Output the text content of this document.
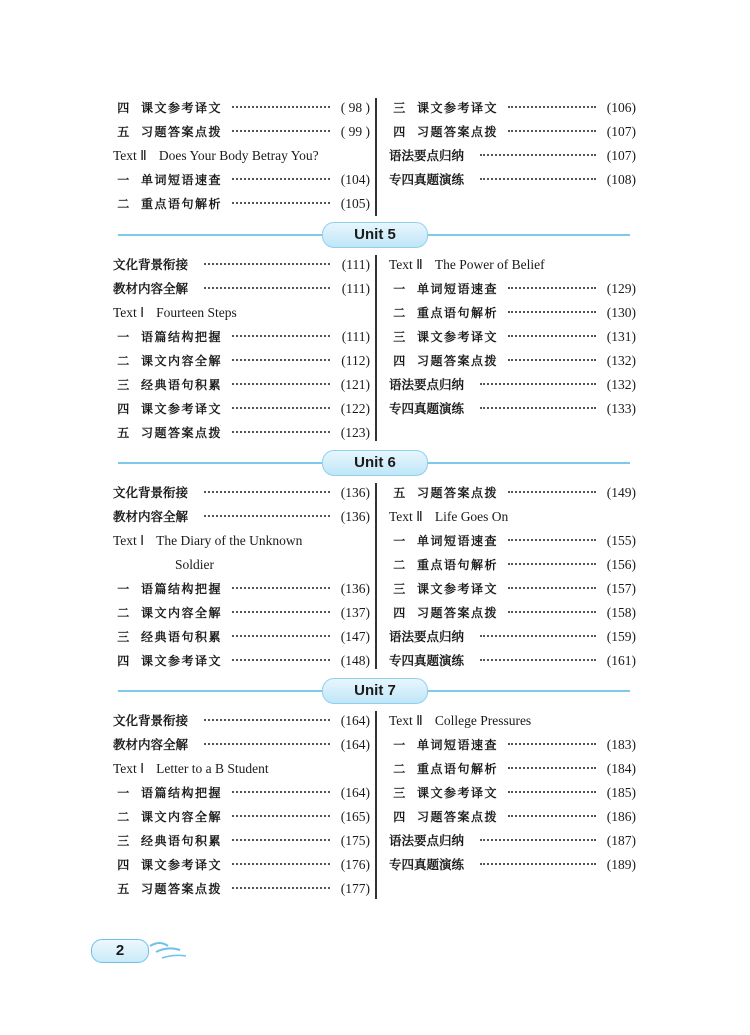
四 课文参考译文	( 98 )
五 习题答案点拨	( 99 )
Text Ⅱ Does Your Body Betray You?
一 单词短语速查	(104)
二 重点语句解析	(105)
三 课文参考译文	(106)
四 习题答案点拨	(107)
语法要点归纳	(107)
专四真题演练	(108)
Unit 5
文化背景衔接	(111)
教材内容全解	(111)
Text Ⅰ Fourteen Steps
一 语篇结构把握	(111)
二 课文内容全解	(112)
三 经典语句积累	(121)
四 课文参考译文	(122)
五 习题答案点拨	(123)
Text Ⅱ The Power of Belief
一 单词短语速查	(129)
二 重点语句解析	(130)
三 课文参考译文	(131)
四 习题答案点拨	(132)
语法要点归纳	(132)
专四真题演练	(133)
Unit 6
文化背景衔接	(136)
教材内容全解	(136)
Text Ⅰ The Diary of the Unknown
Soldier
一 语篇结构把握	(136)
二 课文内容全解	(137)
三 经典语句积累	(147)
四 课文参考译文	(148)
五 习题答案点拨	(149)
Text Ⅱ Life Goes On
一 单词短语速查	(155)
二 重点语句解析	(156)
三 课文参考译文	(157)
四 习题答案点拨	(158)
语法要点归纳	(159)
专四真题演练	(161)
Unit 7
文化背景衔接	(164)
教材内容全解	(164)
Text Ⅰ Letter to a B Student
一 语篇结构把握	(164)
二 课文内容全解	(165)
三 经典语句积累	(175)
四 课文参考译文	(176)
五 习题答案点拨	(177)
Text Ⅱ College Pressures
一 单词短语速查	(183)
二 重点语句解析	(184)
三 课文参考译文	(185)
四 习题答案点拨	(186)
语法要点归纳	(187)
专四真题演练	(189)
2
